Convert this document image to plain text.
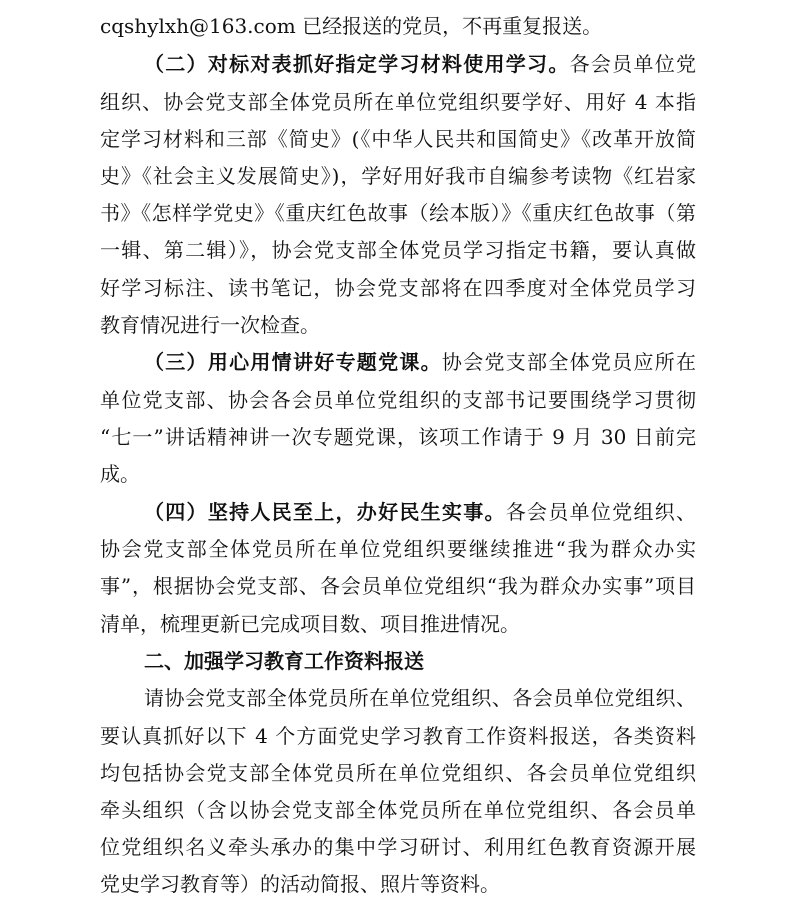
cqshylxh@163.com 已经报送的党员，不再重复报送。
（二）对标对表抓好指定学习材料使用学习。各会员单位党
组织、协会党支部全体党员所在单位党组织要学好、用好 4 本指
定学习材料和三部《简史》(《中华人民共和国简史》《改革开放简
史》《社会主义发展简史》)，学好用好我市自编参考读物《红岩家
书》《怎样学党史》《重庆红色故事（绘本版）》《重庆红色故事（第
一辑、第二辑）》，协会党支部全体党员学习指定书籍，要认真做
好学习标注、读书笔记，协会党支部将在四季度对全体党员学习
教育情况进行一次检查。
（三）用心用情讲好专题党课。协会党支部全体党员应所在
单位党支部、协会各会员单位党组织的支部书记要围绕学习贯彻
“七一”讲话精神讲一次专题党课，该项工作请于 9 月 30 日前完
成。
（四）坚持人民至上，办好民生实事。各会员单位党组织、
协会党支部全体党员所在单位党组织要继续推进“我为群众办实
事”，根据协会党支部、各会员单位党组织“我为群众办实事”项目
清单，梳理更新已完成项目数、项目推进情况。
二、加强学习教育工作资料报送
请协会党支部全体党员所在单位党组织、各会员单位党组织、
要认真抓好以下 4 个方面党史学习教育工作资料报送，各类资料
均包括协会党支部全体党员所在单位党组织、各会员单位党组织
牵头组织（含以协会党支部全体党员所在单位党组织、各会员单
位党组织名义牵头承办的集中学习研讨、利用红色教育资源开展
党史学习教育等）的活动简报、照片等资料。
